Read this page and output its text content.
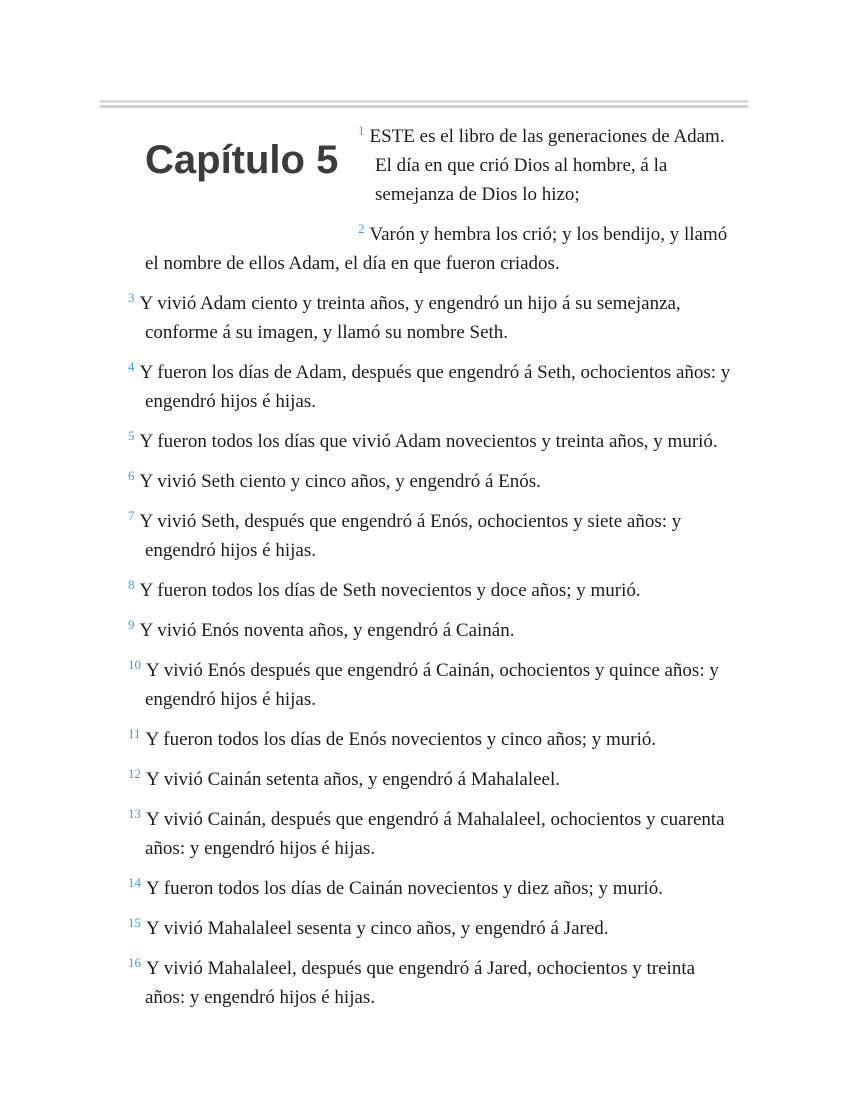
Capítulo 5

$^1$ ESTE es el libro de las generaciones de Adam. El día en que crió Dios al hombre, á la semejanza de Dios lo hizo;

$^2$ Varón y hembra los crió; y los bendijo, y llamó el nombre de ellos Adam, el día en que fueron criados.

$^3$ Y vivió Adam ciento y treinta años, y engendró un hijo á su semejanza, conforme á su imagen, y llamó su nombre Seth.

$^4$ Y fueron los días de Adam, después que engendró á Seth, ochocientos años: y engendró hijos é hijas.

$^5$ Y fueron todos los días que vivió Adam novecientos y treinta años, y murió.

$^6$ Y vivió Seth ciento y cinco años, y engendró á Enós.

$^7$ Y vivió Seth, después que engendró á Enós, ochocientos y siete años: y engendró hijos é hijas.

$^8$ Y fueron todos los días de Seth novecientos y doce años; y murió.

$^9$ Y vivió Enós noventa años, y engendró á Cainán.

$^{10}$ Y vivió Enós después que engendró á Cainán, ochocientos y quince años: y engendró hijos é hijas.

$^{11}$ Y fueron todos los días de Enós novecientos y cinco años; y murió.

$^{12}$ Y vivió Cainán setenta años, y engendró á Mahalaleel.

$^{13}$ Y vivió Cainán, después que engendró á Mahalaleel, ochocientos y cuarenta años: y engendró hijos é hijas.

$^{14}$ Y fueron todos los días de Cainán novecientos y diez años; y murió.

$^{15}$ Y vivió Mahalaleel sesenta y cinco años, y engendró á Jared.

$^{16}$ Y vivió Mahalaleel, después que engendró á Jared, ochocientos y treinta años: y engendró hijos é hijas.
